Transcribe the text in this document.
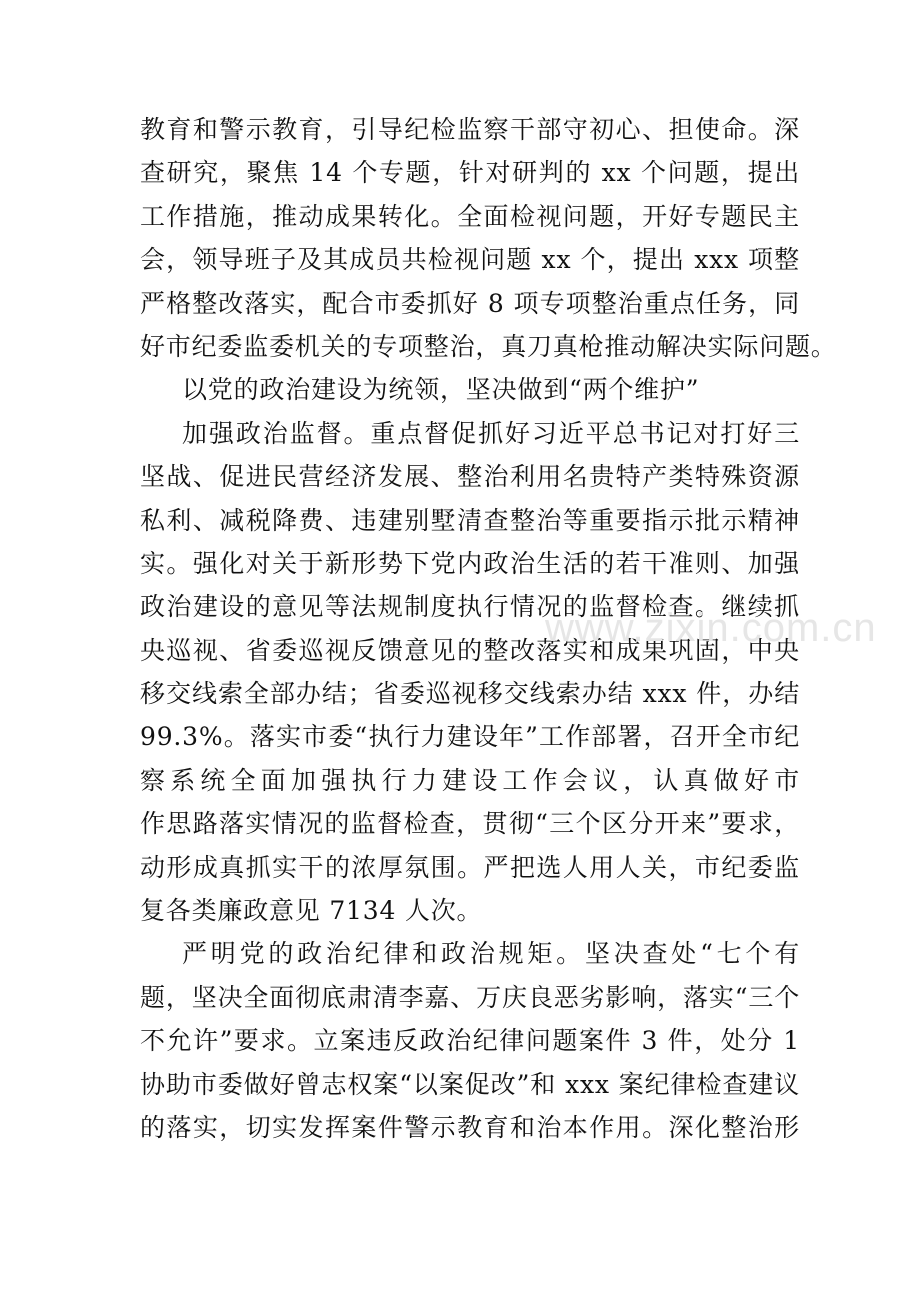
教育和警示教育，引导纪检监察干部守初心、担使命。深
查研究，聚焦 14 个专题，针对研判的 xx 个问题，提出
工作措施，推动成果转化。全面检视问题，开好专题民主
会，领导班子及其成员共检视问题 xx 个，提出 xxx 项整
严格整改落实，配合市委抓好 8 项专项整治重点任务，同
好市纪委监委机关的专项整治，真刀真枪推动解决实际问题。
以党的政治建设为统领，坚决做到“两个维护”
加强政治监督。重点督促抓好习近平总书记对打好三
坚战、促进民营经济发展、整治利用名贵特产类特殊资源
私利、减税降费、违建别墅清查整治等重要指示批示精神
实。强化对关于新形势下党内政治生活的若干准则、加强
政治建设的意见等法规制度执行情况的监督检查。继续抓
央巡视、省委巡视反馈意见的整改落实和成果巩固，中央
移交线索全部办结；省委巡视移交线索办结 xxx 件，办结
99.3%。落实市委“执行力建设年”工作部署，召开全市纪
察系统全面加强执行力建设工作会议，认真做好市
作思路落实情况的监督检查，贯彻“三个区分开来”要求，
动形成真抓实干的浓厚氛围。严把选人用人关，市纪委监
复各类廉政意见 7134 人次。
严明党的政治纪律和政治规矩。坚决查处“七个有
题，坚决全面彻底肃清李嘉、万庆良恶劣影响，落实“三个
不允许”要求。立案违反政治纪律问题案件 3 件，处分 1
协助市委做好曾志权案“以案促改”和 xxx 案纪律检查建议
的落实，切实发挥案件警示教育和治本作用。深化整治形
www.zixin.com.cn
